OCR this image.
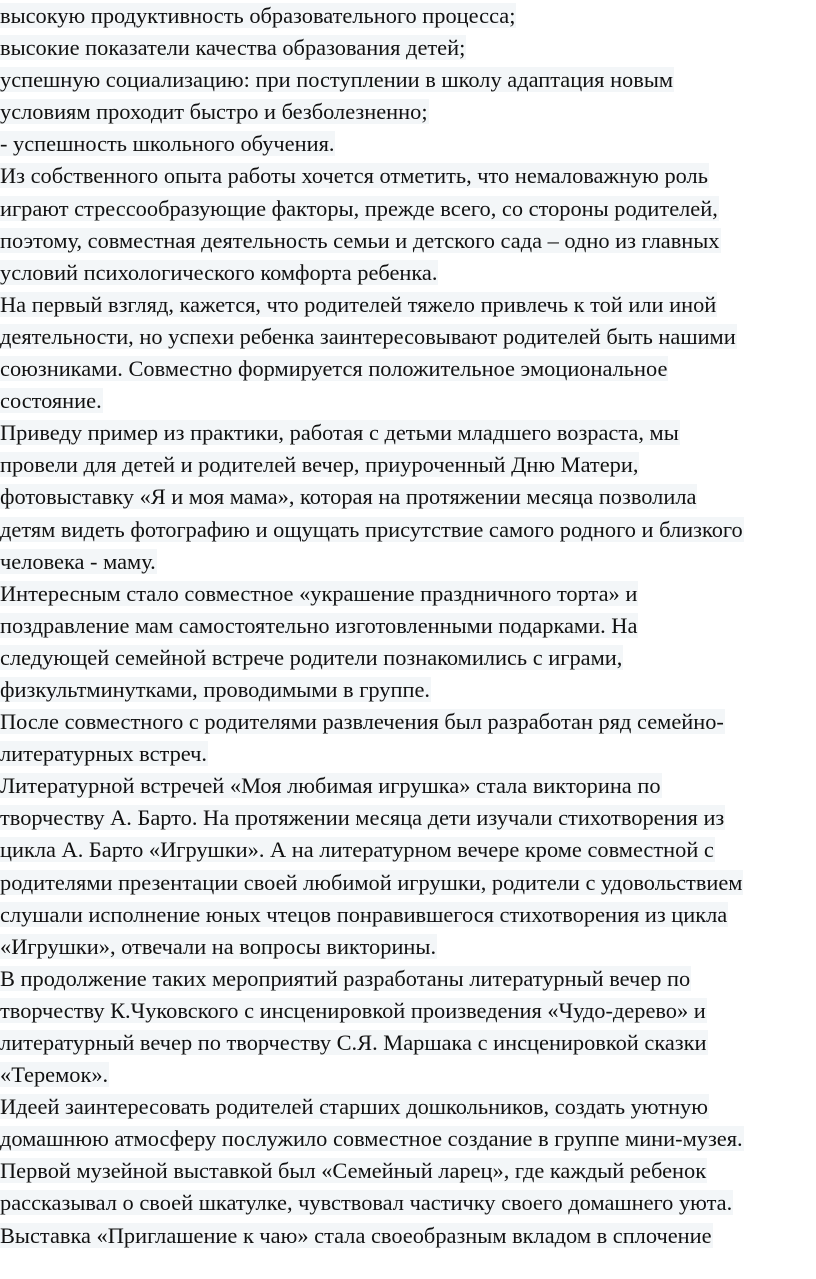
высокую продуктивность образовательного процесса;
высокие показатели качества образования детей;
успешную социализацию: при поступлении в школу адаптация новым
условиям проходит быстро и безболезненно;
- успешность школьного обучения.
Из собственного опыта работы хочется отметить, что немаловажную роль
играют стрессообразующие факторы, прежде всего, со стороны родителей,
поэтому, совместная деятельность семьи и детского сада – одно из главных
условий психологического комфорта ребенка.
На первый взгляд, кажется, что родителей тяжело привлечь к той или иной
деятельности, но успехи ребенка заинтересовывают родителей быть нашими
союзниками. Совместно формируется положительное эмоциональное
состояние.
Приведу пример из практики, работая с детьми младшего возраста, мы
провели для детей и родителей вечер, приуроченный Дню Матери,
фотовыставку «Я и моя мама», которая на протяжении месяца позволила
детям видеть фотографию и ощущать присутствие самого родного и близкого
человека - маму.
Интересным стало совместное «украшение праздничного торта» и
поздравление мам самостоятельно изготовленными подарками. На
следующей семейной встрече родители познакомились с играми,
физкультминутками, проводимыми в группе.
После совместного с родителями развлечения был разработан ряд семейно-
литературных встреч.
Литературной встречей «Моя любимая игрушка» стала викторина по
творчеству А. Барто. На протяжении месяца дети изучали стихотворения из
цикла А. Барто «Игрушки». А на литературном вечере кроме совместной с
родителями презентации своей любимой игрушки, родители с удовольствием
слушали исполнение юных чтецов понравившегося стихотворения из цикла
«Игрушки», отвечали на вопросы викторины.
В продолжение таких мероприятий разработаны литературный вечер по
творчеству К.Чуковского с инсценировкой произведения «Чудо-дерево» и
литературный вечер по творчеству С.Я. Маршака с инсценировкой сказки
«Теремок».
Идеей заинтересовать родителей старших дошкольников, создать уютную
домашнюю атмосферу послужило совместное создание в группе мини-музея.
Первой музейной выставкой был «Семейный ларец», где каждый ребенок
рассказывал о своей шкатулке, чувствовал частичку своего домашнего уюта.
Выставка «Приглашение к чаю» стала своеобразным вкладом в сплочение
